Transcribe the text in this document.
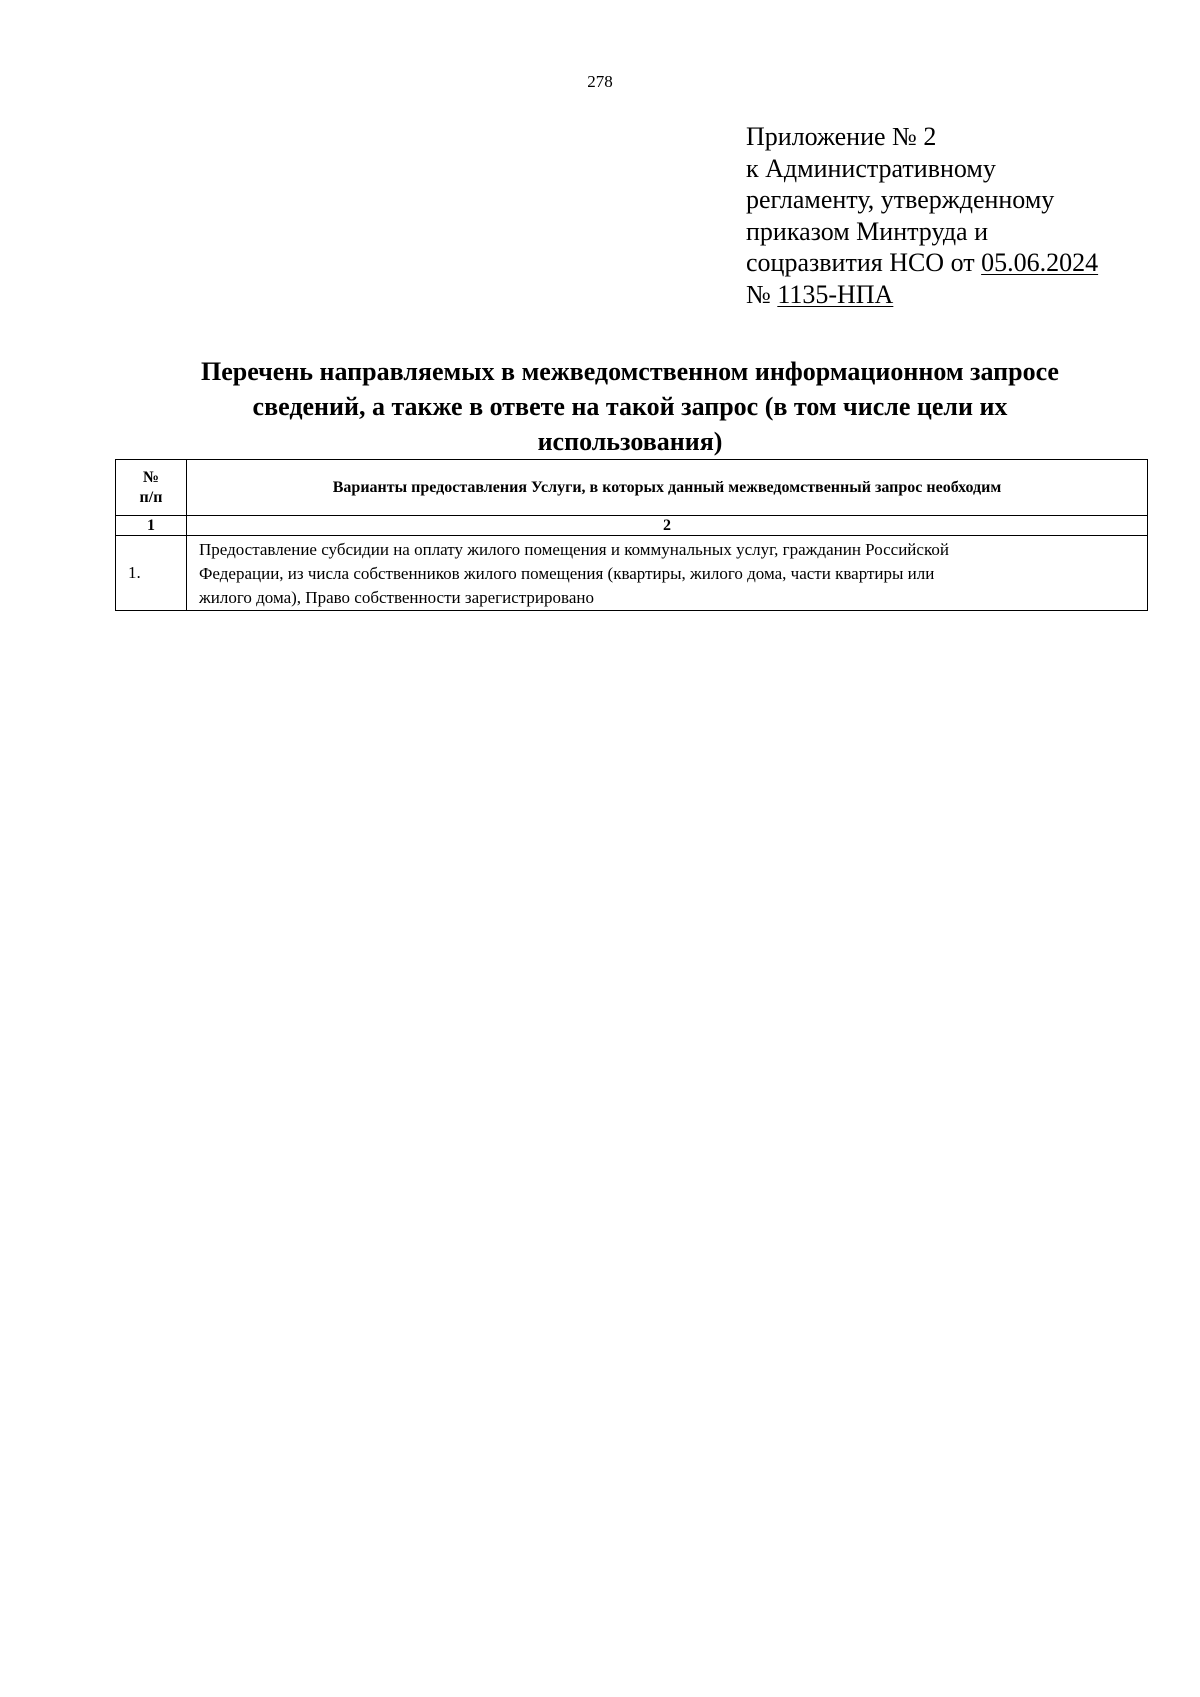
278
Приложение № 2
к Административному
регламенту, утвержденному
приказом Минтруда и
соцразвития НСО от 05.06.2024
№ 1135-НПА
Перечень направляемых в межведомственном информационном запросе
сведений, а также в ответе на такой запрос (в том числе цели их
использования)
№
п/п	Варианты предоставления Услуги, в которых данный межведомственный запрос необходим
1	2
1.	Предоставление субсидии на оплату жилого помещения и коммунальных услуг, гражданин Российской
Федерации, из числа собственников жилого помещения (квартиры, жилого дома, части квартиры или
жилого дома), Право собственности зарегистрировано
